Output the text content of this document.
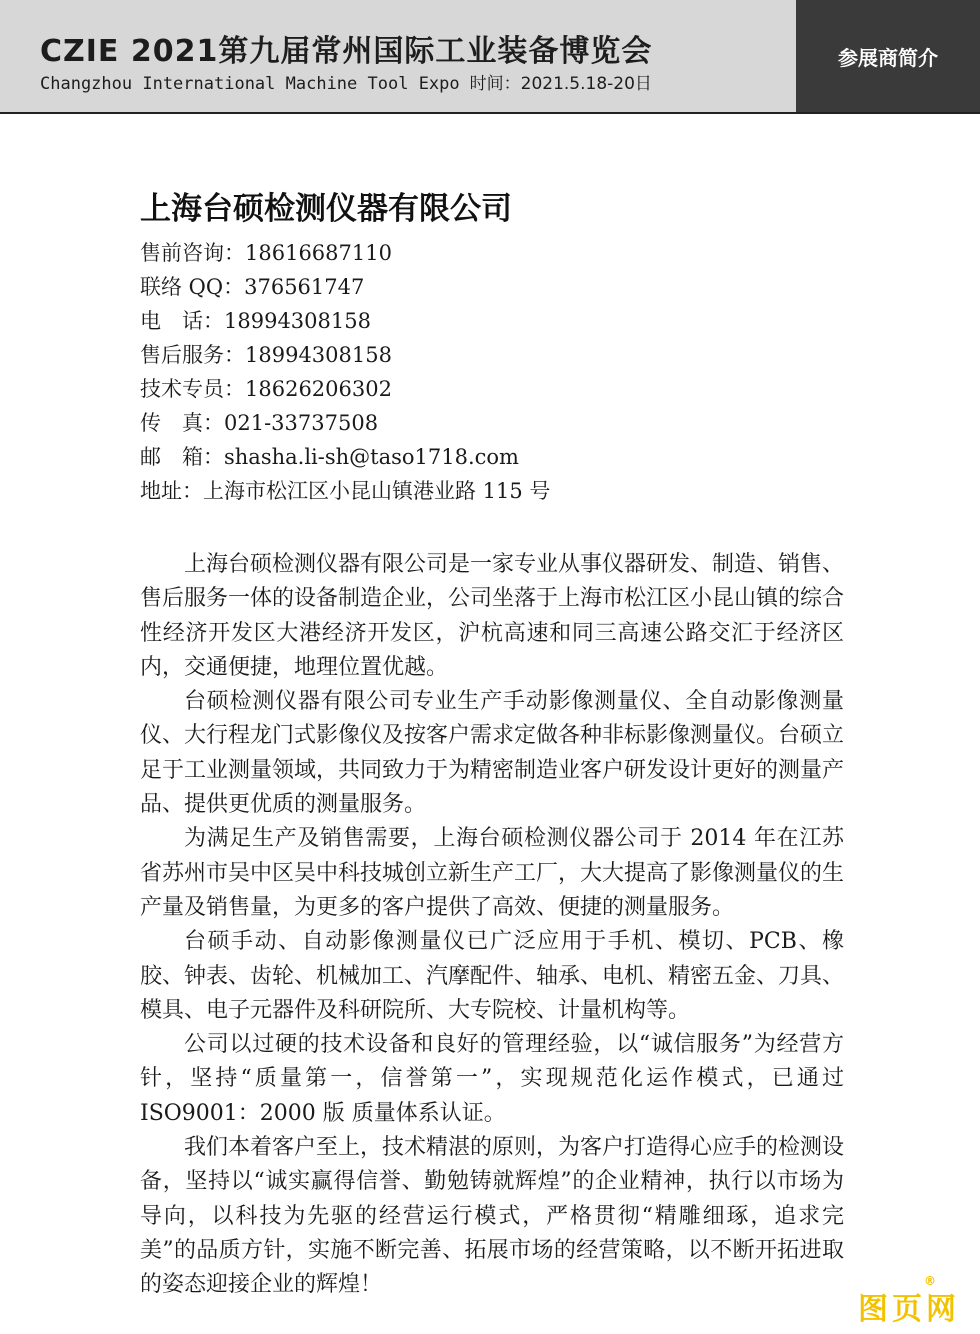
CZIE 2021第九届常州国际工业装备博览会
Changzhou International Machine Tool Expo 时间：2021.5.18-20日
参展商简介
上海台硕检测仪器有限公司
售前咨询：18616687110
联络 QQ：376561747
电　话：18994308158
售后服务：18994308158
技术专员：18626206302
传　真：021-33737508
邮　箱：shasha.li-sh@taso1718.com
地址：上海市松江区小昆山镇港业路 115 号

上海台硕检测仪器有限公司是一家专业从事仪器研发、制造、销售、售后服务一体的设备制造企业，公司坐落于上海市松江区小昆山镇的综合性经济开发区大港经济开发区，沪杭高速和同三高速公路交汇于经济区内，交通便捷，地理位置优越。

台硕检测仪器有限公司专业生产手动影像测量仪、全自动影像测量仪、大行程龙门式影像仪及按客户需求定做各种非标影像测量仪。台硕立足于工业测量领域，共同致力于为精密制造业客户研发设计更好的测量产品、提供更优质的测量服务。

为满足生产及销售需要，上海台硕检测仪器公司于 2014 年在江苏省苏州市吴中区吴中科技城创立新生产工厂，大大提高了影像测量仪的生产量及销售量，为更多的客户提供了高效、便捷的测量服务。

台硕手动、自动影像测量仪已广泛应用于手机、模切、PCB、橡胶、钟表、齿轮、机械加工、汽摩配件、轴承、电机、精密五金、刀具、模具、电子元器件及科研院所、大专院校、计量机构等。

公司以过硬的技术设备和良好的管理经验，以“诚信服务”为经营方针，坚持“质量第一，信誉第一”，实现规范化运作模式，已通过 ISO9001：2000 版 质量体系认证。

我们本着客户至上，技术精湛的原则，为客户打造得心应手的检测设备，坚持以“诚实赢得信誉、勤勉铸就辉煌”的企业精神，执行以市场为导向，以科技为先驱的经营运行模式，严格贯彻“精雕细琢，追求完美”的品质方针，实施不断完善、拓展市场的经营策略，以不断开拓进取的姿态迎接企业的辉煌！

图页网
®
